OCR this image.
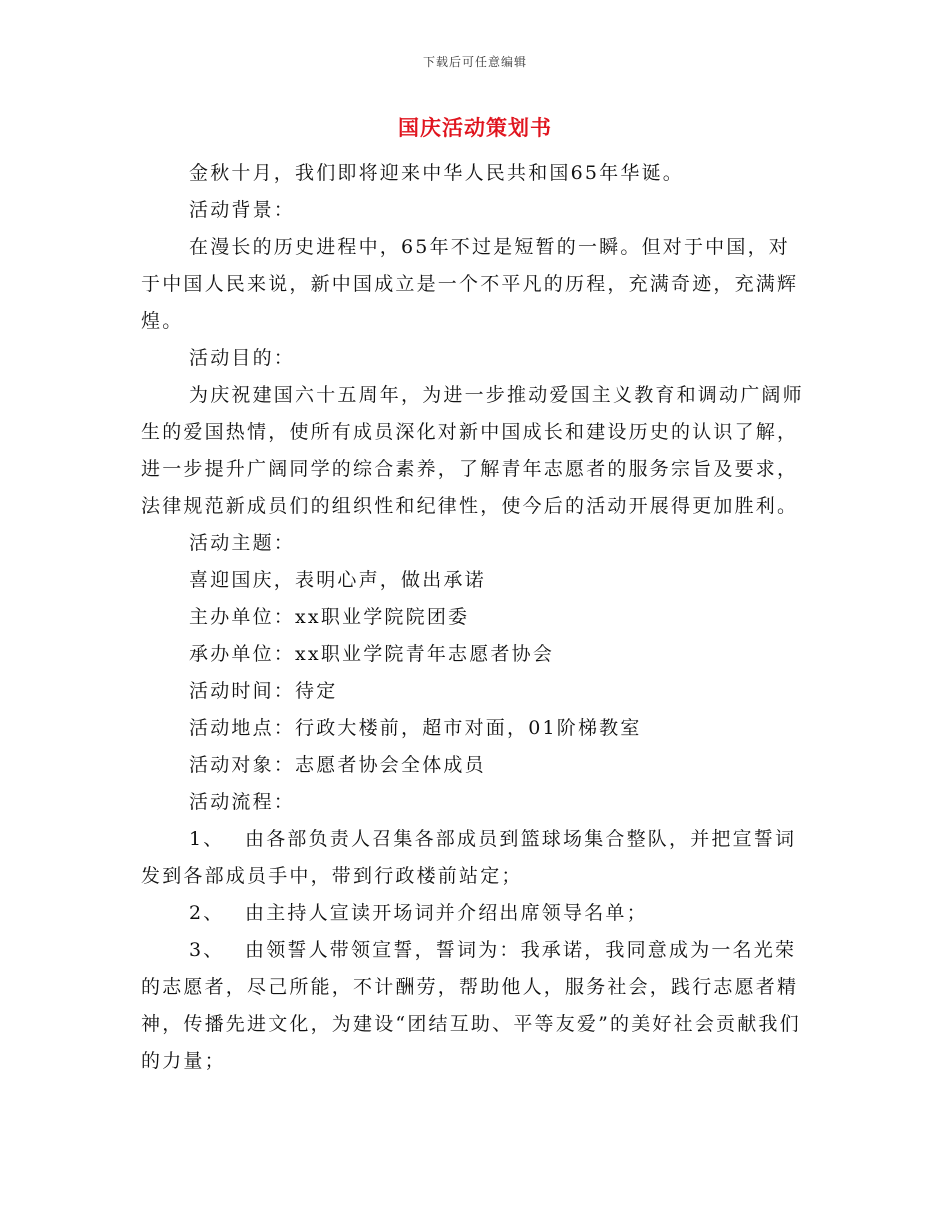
下载后可任意编辑
国庆活动策划书

金秋十月，我们即将迎来中华人民共和国65年华诞。

活动背景：

在漫长的历史进程中，65年不过是短暂的一瞬。但对于中国，对于中国人民来说，新中国成立是一个不平凡的历程，充满奇迹，充满辉煌。

活动目的：

为庆祝建国六十五周年，为进一步推动爱国主义教育和调动广阔师生的爱国热情，使所有成员深化对新中国成长和建设历史的认识了解，进一步提升广阔同学的综合素养，了解青年志愿者的服务宗旨及要求，法律规范新成员们的组织性和纪律性，使今后的活动开展得更加胜利。

活动主题：

喜迎国庆，表明心声，做出承诺

主办单位：xx职业学院院团委

承办单位：xx职业学院青年志愿者协会

活动时间：待定

活动地点：行政大楼前，超市对面，01阶梯教室

活动对象：志愿者协会全体成员

活动流程：

1、 由各部负责人召集各部成员到篮球场集合整队，并把宣誓词发到各部成员手中，带到行政楼前站定；

2、 由主持人宣读开场词并介绍出席领导名单；

3、 由领誓人带领宣誓，誓词为：我承诺，我同意成为一名光荣的志愿者，尽己所能，不计酬劳，帮助他人，服务社会，践行志愿者精神，传播先进文化，为建设“团结互助、平等友爱”的美好社会贡献我们的力量；
